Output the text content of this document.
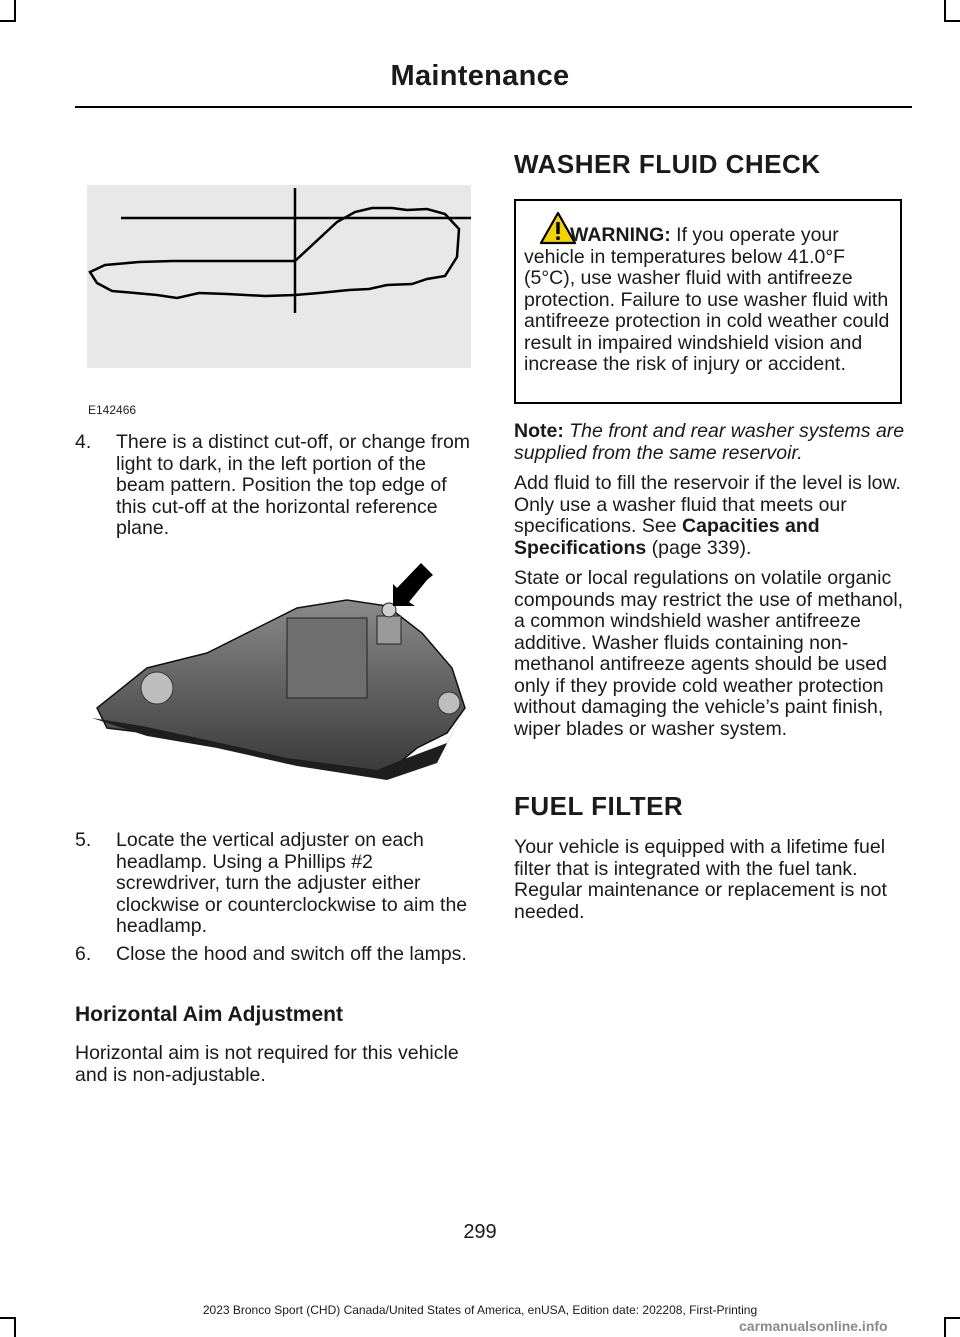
Maintenance
E142466
4. There is a distinct cut-off, or change from light to dark, in the left portion of the beam pattern. Position the top edge of this cut-off at the horizontal reference plane.
5. Locate the vertical adjuster on each headlamp. Using a Phillips #2 screwdriver, turn the adjuster either clockwise or counterclockwise to aim the headlamp.
6. Close the hood and switch off the lamps.
Horizontal Aim Adjustment
Horizontal aim is not required for this vehicle and is non-adjustable.
WASHER FLUID CHECK
WARNING: If you operate your vehicle in temperatures below 41.0°F (5°C), use washer fluid with antifreeze protection. Failure to use washer fluid with antifreeze protection in cold weather could result in impaired windshield vision and increase the risk of injury or accident.
Note: The front and rear washer systems are supplied from the same reservoir.
Add fluid to fill the reservoir if the level is low. Only use a washer fluid that meets our specifications. See Capacities and Specifications (page 339).
State or local regulations on volatile organic compounds may restrict the use of methanol, a common windshield washer antifreeze additive. Washer fluids containing non-methanol antifreeze agents should be used only if they provide cold weather protection without damaging the vehicle’s paint finish, wiper blades or washer system.
FUEL FILTER
Your vehicle is equipped with a lifetime fuel filter that is integrated with the fuel tank. Regular maintenance or replacement is not needed.
299
2023 Bronco Sport (CHD) Canada/United States of America, enUSA, Edition date: 202208, First-Printing
carmanualsonline.info
